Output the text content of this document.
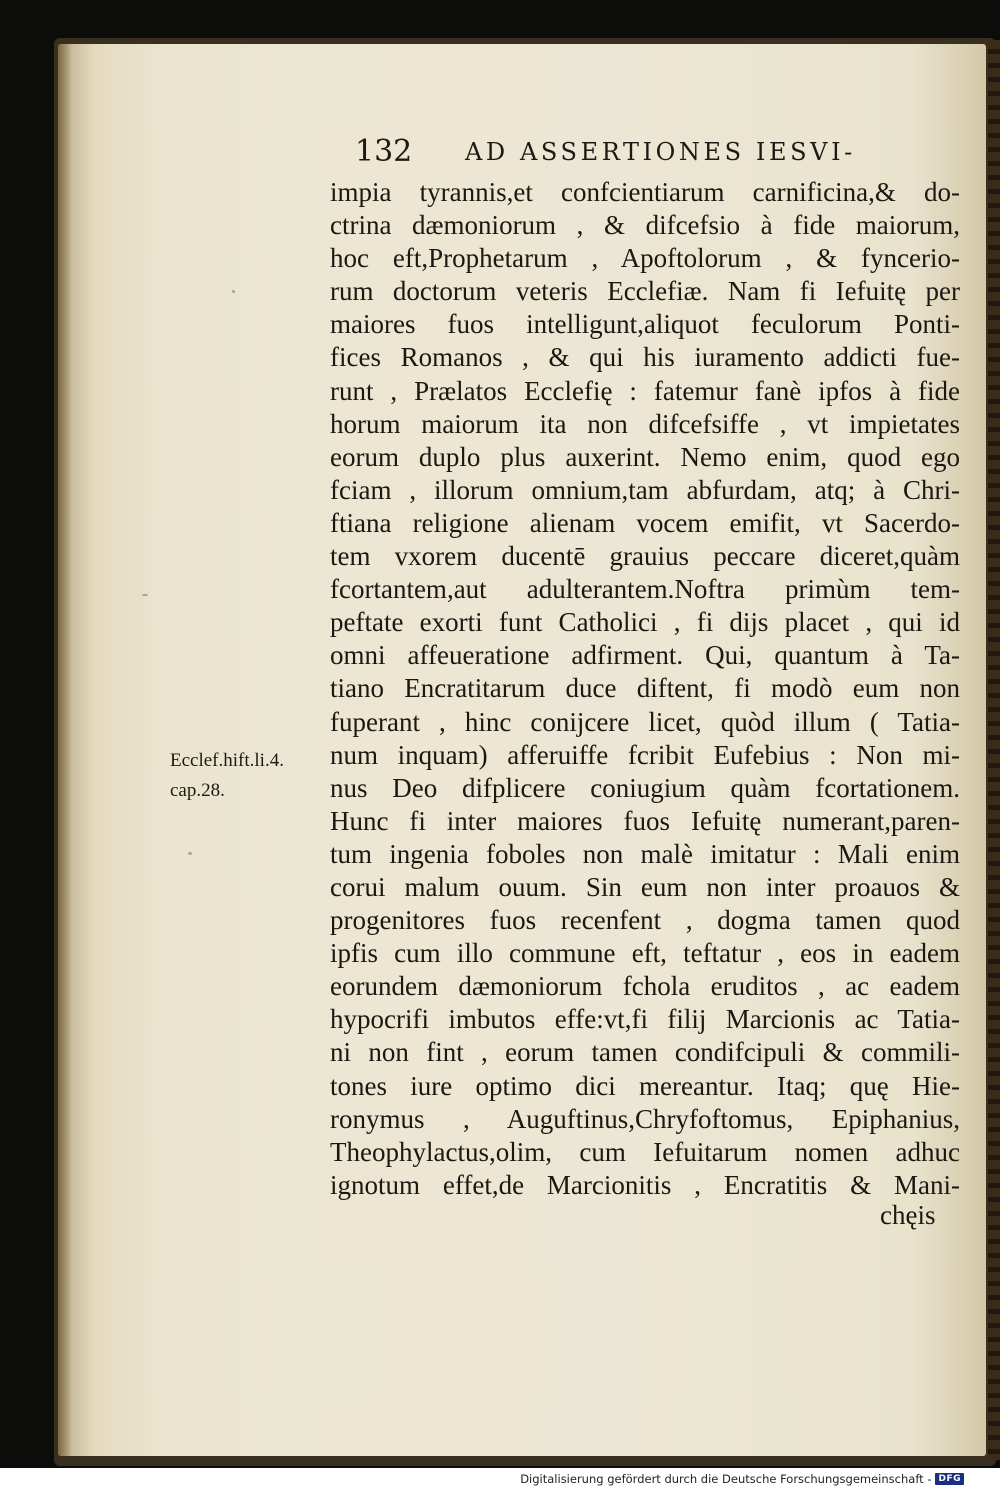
132 AD ASSERTIONES IESVI-
Ecclef.hift.li.4.
cap.28.
impia tyrannis,et confcientiarum carnificina,& do-
ctrina dæmoniorum , & difcefsio à fide maiorum,
hoc eft,Prophetarum , Apoftolorum , & fyncerio-
rum doctorum veteris Ecclefiæ. Nam fi Iefuitę per
maiores fuos intelligunt,aliquot feculorum Ponti-
fices Romanos , & qui his iuramento addicti fue-
runt , Prælatos Ecclefię : fatemur fanè ipfos à fide
horum maiorum ita non difcefsiffe , vt impietates
eorum duplo plus auxerint. Nemo enim, quod ego
fciam , illorum omnium,tam abfurdam, atq; à Chri-
ftiana religione alienam vocem emifit, vt Sacerdo-
tem vxorem ducentē grauius peccare diceret,quàm
fcortantem,aut adulterantem.Noftra primùm tem-
peftate exorti funt Catholici , fi dijs placet , qui id
omni affeueratione adfirment. Qui, quantum à Ta-
tiano Encratitarum duce diftent, fi modò eum non
fuperant , hinc conijcere licet, quòd illum ( Tatia-
num inquam) afferuiffe fcribit Eufebius : Non mi-
nus Deo difplicere coniugium quàm fcortationem.
Hunc fi inter maiores fuos Iefuitę numerant,paren-
tum ingenia foboles non malè imitatur : Mali enim
corui malum ouum. Sin eum non inter proauos &
progenitores fuos recenfent , dogma tamen quod
ipfis cum illo commune eft, teftatur , eos in eadem
eorundem dæmoniorum fchola eruditos , ac eadem
hypocrifi imbutos effe:vt,fi filij Marcionis ac Tatia-
ni non fint , eorum tamen condifcipuli & commili-
tones iure optimo dici mereantur. Itaq; quę Hie-
ronymus , Auguftinus,Chryfoftomus, Epiphanius,
Theophylactus,olim, cum Iefuitarum nomen adhuc
ignotum effet,de Marcionitis , Encratitis & Mani-
chęis
Digitalisierung gefördert durch die Deutsche Forschungsgemeinschaft - DFG
